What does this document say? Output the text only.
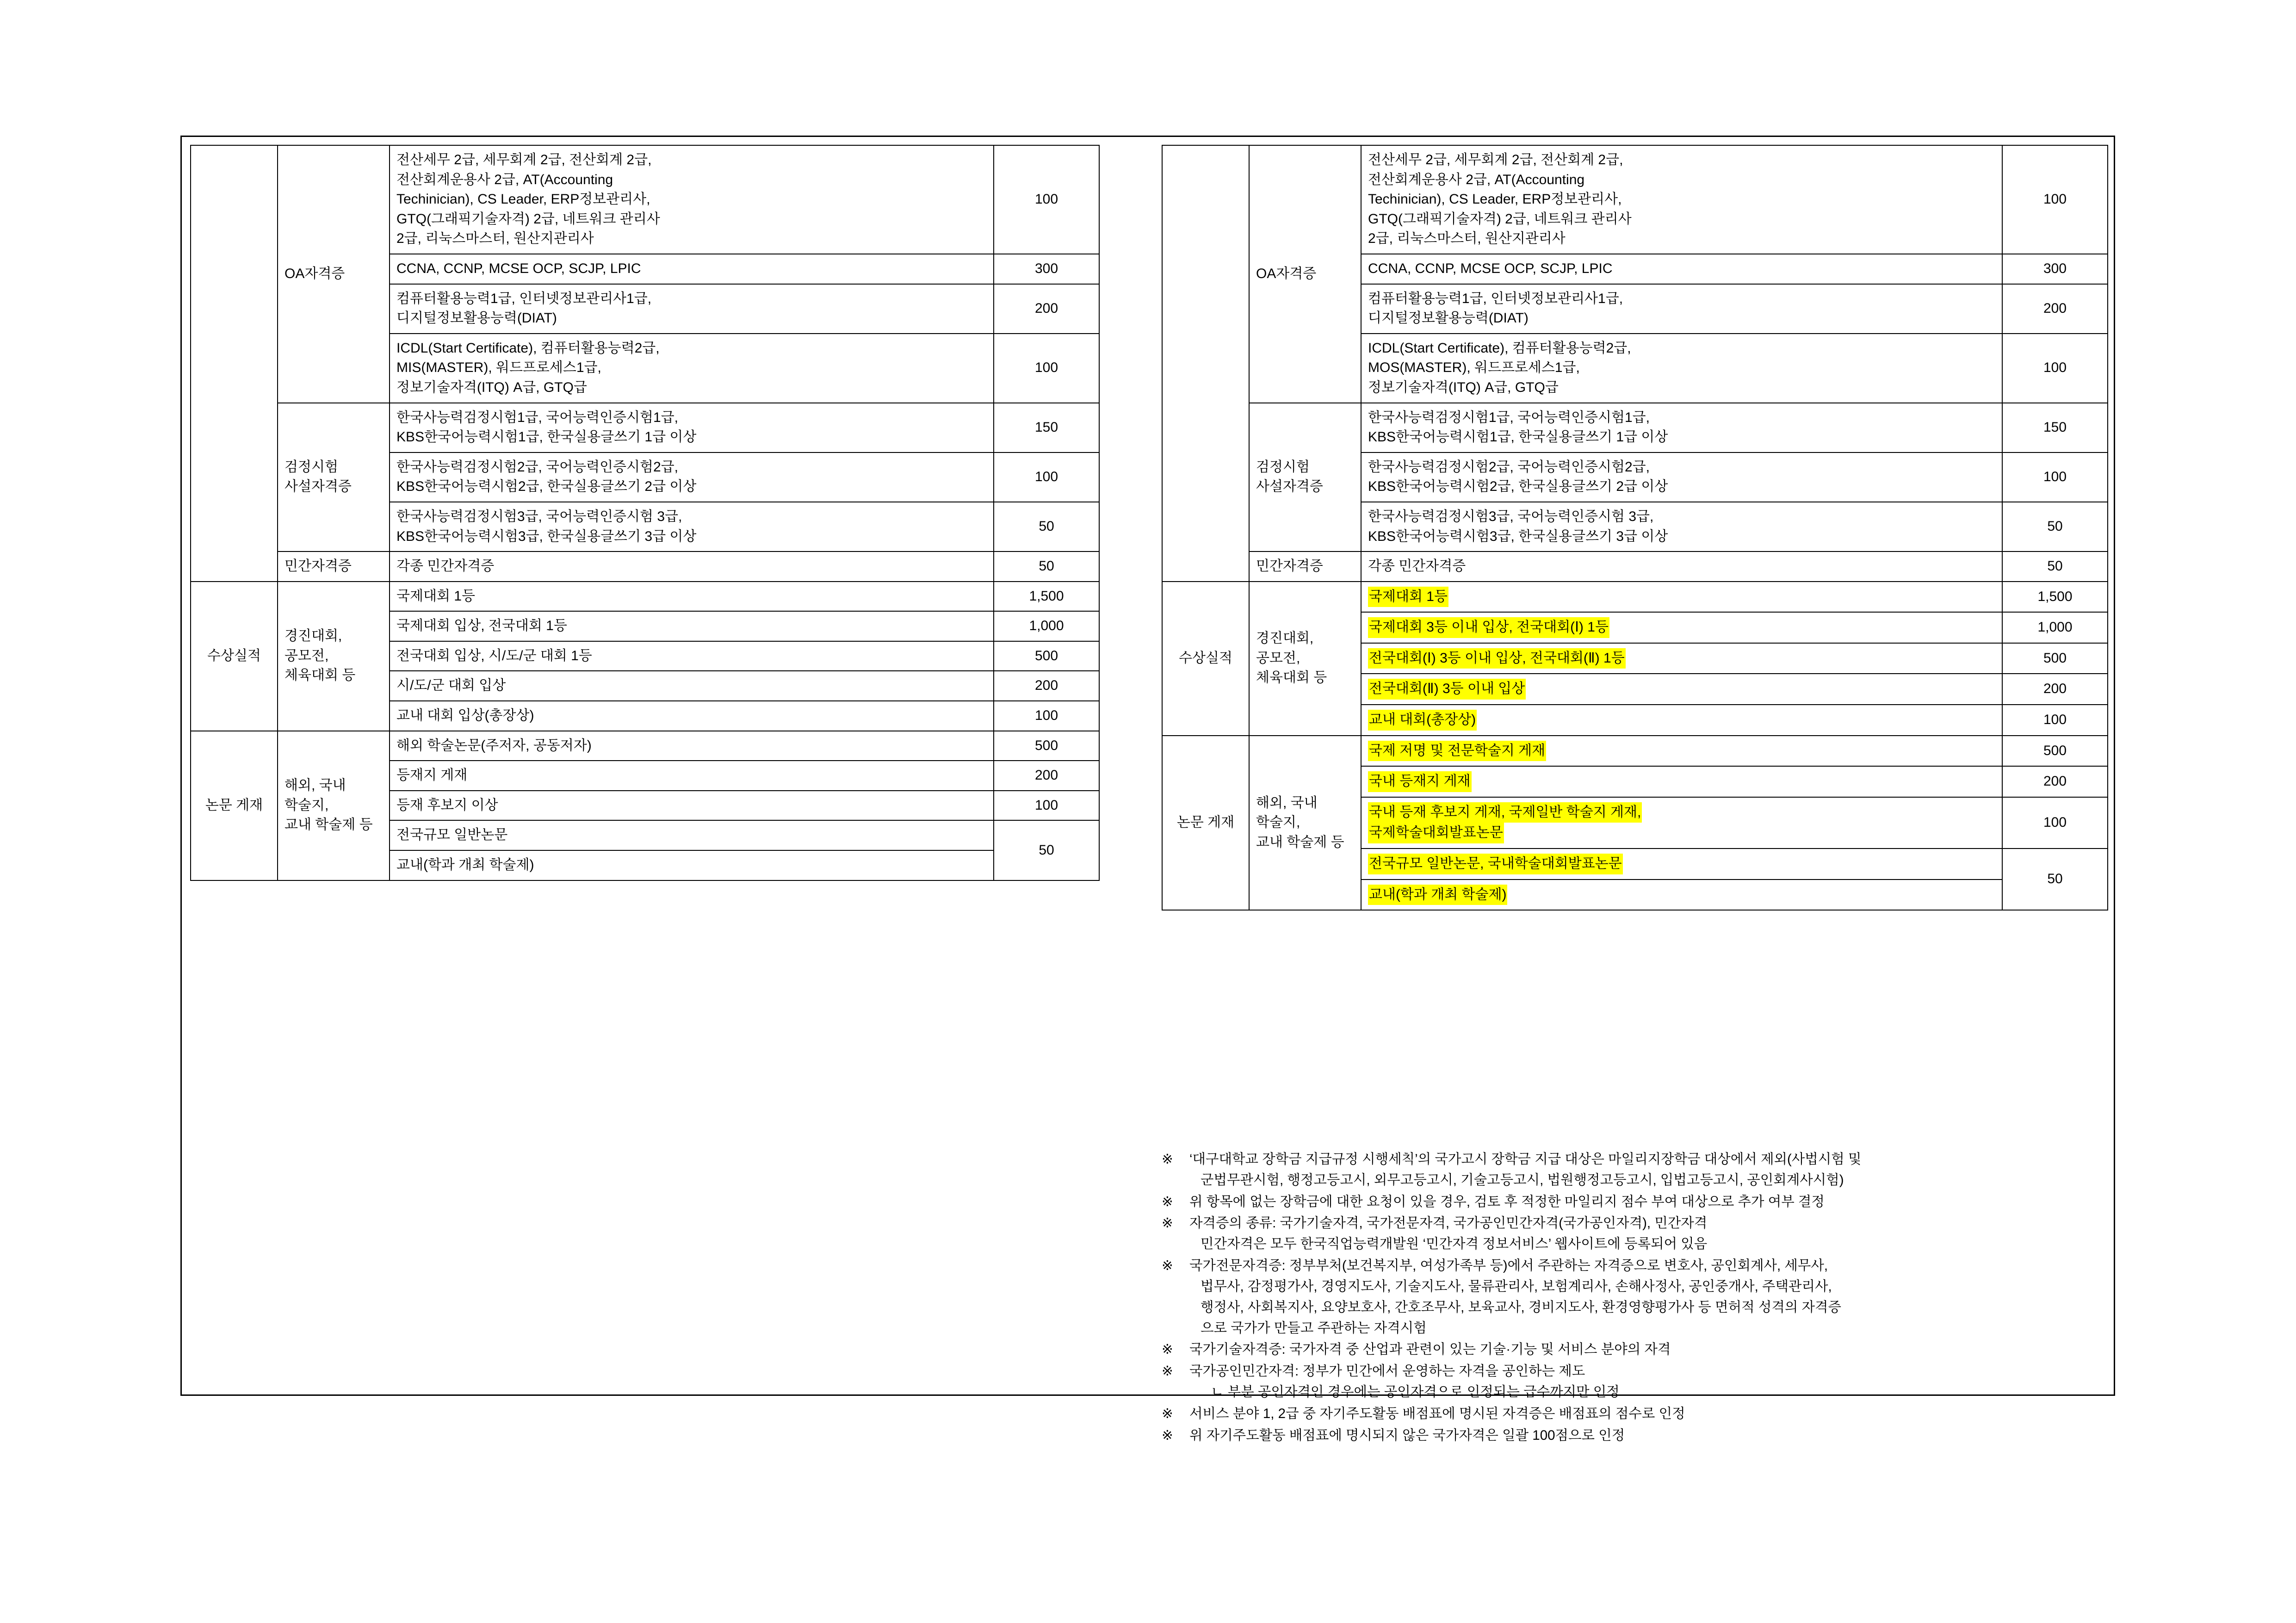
	OA자격증	전산세무 2급, 세무회계 2급, 전산회계 2급,
전산회계운용사 2급, AT(Accounting
Techinician), CS Leader, ERP정보관리사,
GTQ(그래픽기술자격) 2급, 네트워크 관리사
2급, 리눅스마스터, 원산지관리사	100
		CCNA, CCNP, MCSE OCP, SCJP, LPIC	300
		컴퓨터활용능력1급, 인터넷정보관리사1급,
디지털정보활용능력(DIAT)	200
		ICDL(Start Certificate), 컴퓨터활용능력2급,
MIS(MASTER), 워드프로세스1급,
정보기술자격(ITQ) A급, GTQ급	100
	검정시험
사설자격증	한국사능력검정시험1급, 국어능력인증시험1급,
KBS한국어능력시험1급, 한국실용글쓰기 1급 이상	150
		한국사능력검정시험2급, 국어능력인증시험2급,
KBS한국어능력시험2급, 한국실용글쓰기 2급 이상	100
		한국사능력검정시험3급, 국어능력인증시험 3급,
KBS한국어능력시험3급, 한국실용글쓰기 3급 이상	50
	민간자격증	각종 민간자격증	50
수상실적	경진대회, 공모전,
체육대회 등	국제대회 1등	1,500
		국제대회 입상, 전국대회 1등	1,000
		전국대회 입상, 시/도/군 대회 1등	500
		시/도/군 대회 입상	200
		교내 대회 입상(총장상)	100
논문 게재	해외, 국내 학술지,
교내 학술제 등	해외 학술논문(주저자, 공동저자)	500
		등재지 게재	200
		등재 후보지 이상	100
		전국규모 일반논문	50
		교내(학과 개최 학술제)	
	OA자격증	전산세무 2급, 세무회계 2급, 전산회계 2급,
전산회계운용사 2급, AT(Accounting
Techinician), CS Leader, ERP정보관리사,
GTQ(그래픽기술자격) 2급, 네트워크 관리사
2급, 리눅스마스터, 원산지관리사	100
		CCNA, CCNP, MCSE OCP, SCJP, LPIC	300
		컴퓨터활용능력1급, 인터넷정보관리사1급,
디지털정보활용능력(DIAT)	200
		ICDL(Start Certificate), 컴퓨터활용능력2급,
MOS(MASTER), 워드프로세스1급,
정보기술자격(ITQ) A급, GTQ급	100
	검정시험
사설자격증	한국사능력검정시험1급, 국어능력인증시험1급,
KBS한국어능력시험1급, 한국실용글쓰기 1급 이상	150
		한국사능력검정시험2급, 국어능력인증시험2급,
KBS한국어능력시험2급, 한국실용글쓰기 2급 이상	100
		한국사능력검정시험3급, 국어능력인증시험 3급,
KBS한국어능력시험3급, 한국실용글쓰기 3급 이상	50
	민간자격증	각종 민간자격증	50
수상실적	경진대회, 공모전,
체육대회 등	국제대회 1등	1,500
		국제대회 3등 이내 입상, 전국대회(Ⅰ) 1등	1,000
		전국대회(Ⅰ) 3등 이내 입상, 전국대회(Ⅱ) 1등	500
		전국대회(Ⅱ) 3등 이내 입상	200
		교내 대회(총장상)	100
논문 게재	해외, 국내 학술지,
교내 학술제 등	국제 저명 및 전문학술지 게재	500
		국내 등재지 게재	200
		국내 등재 후보지 게재, 국제일반 학술지 게재,
국제학술대회발표논문	100
		전국규모 일반논문, 국내학술대회발표논문	50
		교내(학과 개최 학술제)	
※	‘대구대학교 장학금 지급규정 시행세칙’의 국가고시 장학금 지급 대상은 마일리지장학금 대상에서 제외(사법시험 및
군법무관시험, 행정고등고시, 외무고등고시, 기술고등고시, 법원행정고등고시, 입법고등고시, 공인회계사시험)
※	위 항목에 없는 장학금에 대한 요청이 있을 경우, 검토 후 적정한 마일리지 점수 부여 대상으로 추가 여부 결정
※	자격증의 종류: 국가기술자격, 국가전문자격, 국가공인민간자격(국가공인자격), 민간자격
민간자격은 모두 한국직업능력개발원 ‘민간자격 정보서비스’ 웹사이트에 등록되어 있음
※	국가전문자격증: 정부부처(보건복지부, 여성가족부 등)에서 주관하는 자격증으로 변호사, 공인회계사, 세무사,
법무사, 감정평가사, 경영지도사, 기술지도사, 물류관리사, 보험계리사, 손해사정사, 공인중개사, 주택관리사,
행정사, 사회복지사, 요양보호사, 간호조무사, 보육교사, 경비지도사, 환경영향평가사 등 면허적 성격의 자격증
으로 국가가 만들고 주관하는 자격시험
※	국가기술자격증: 국가자격 중 산업과 관련이 있는 기술·기능 및 서비스 분야의 자격
※	국가공인민간자격: 정부가 민간에서 운영하는 자격을 공인하는 제도
ㄴ 부분 공인자격인 경우에는 공인자격으로 인정되는 급수까지만 인정
※	서비스 분야 1, 2급 중 자기주도활동 배점표에 명시된 자격증은 배점표의 점수로 인정
※	위 자기주도활동 배점표에 명시되지 않은 국가자격은 일괄 100점으로 인정
